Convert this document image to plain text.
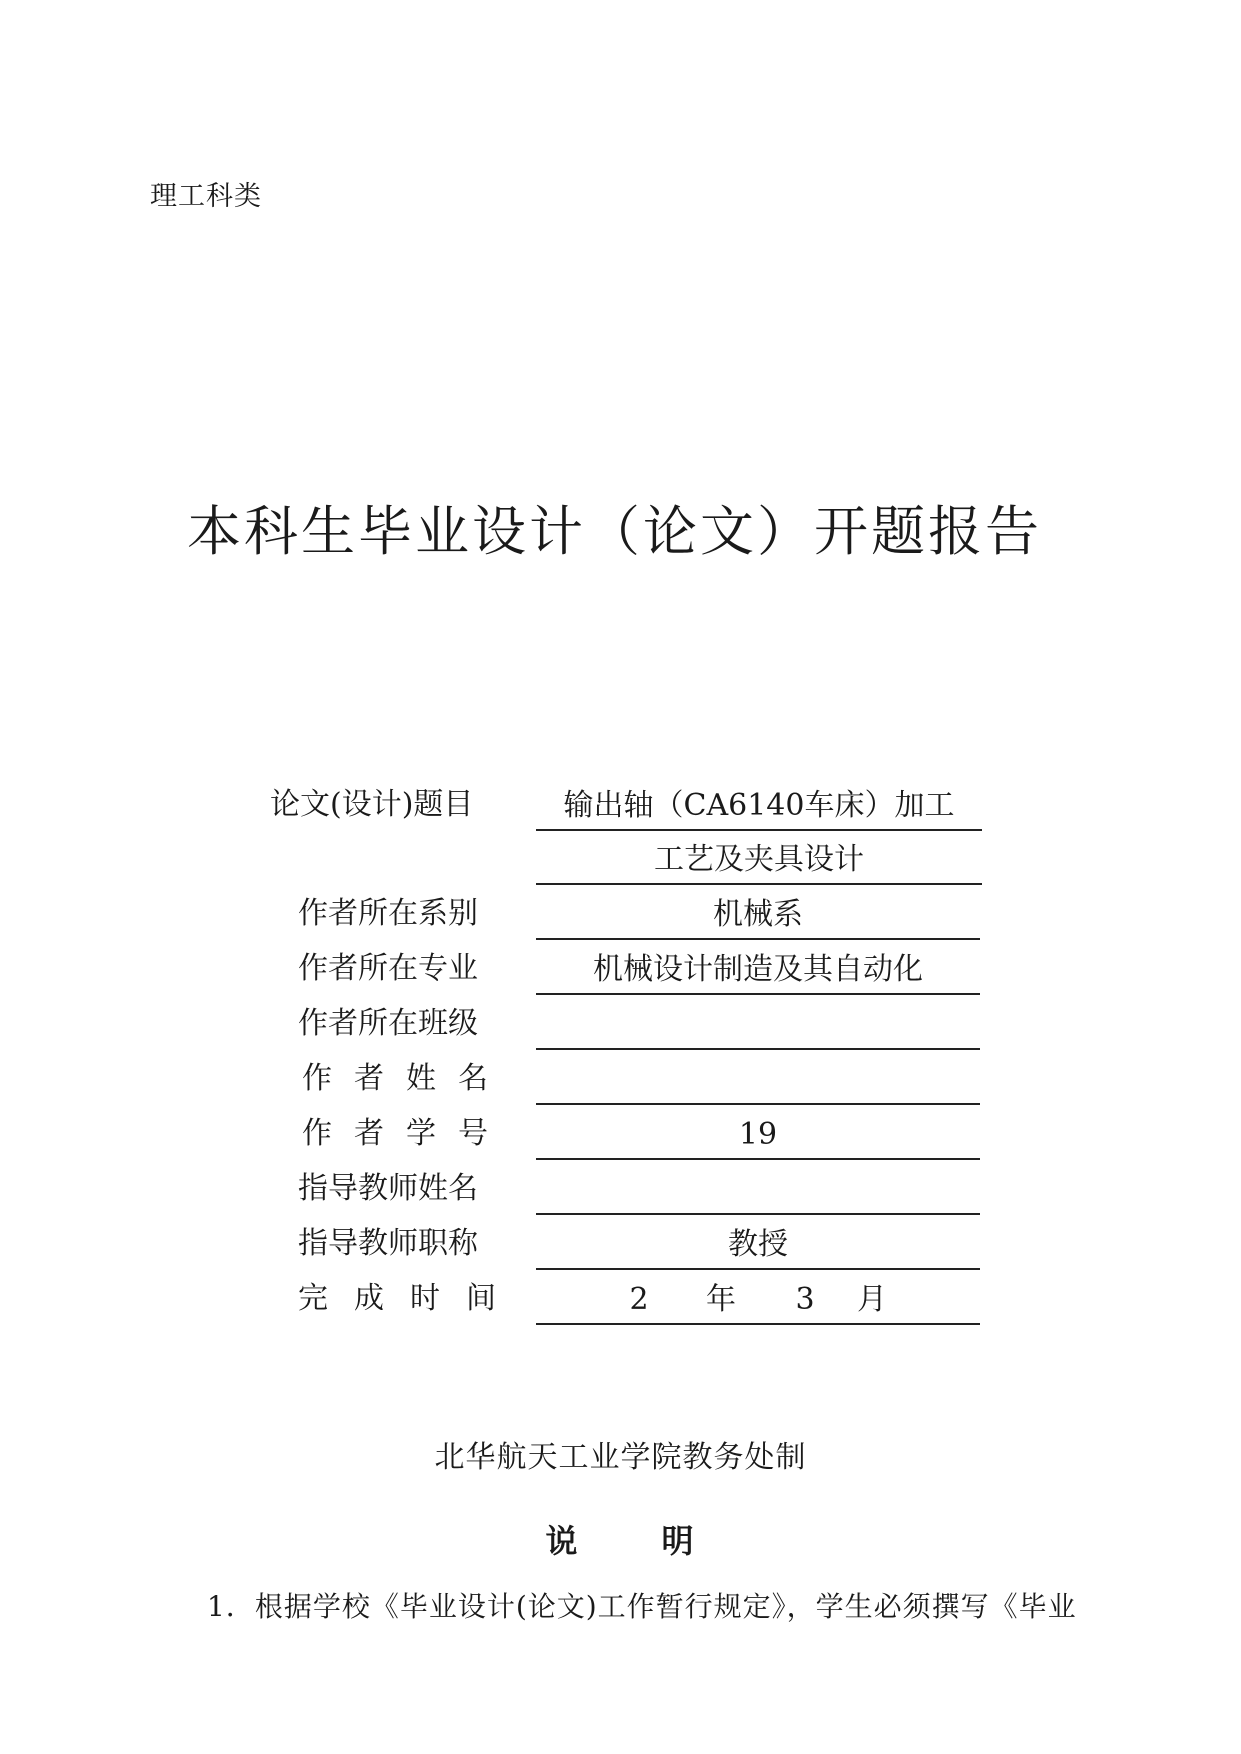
理工科类
本科生毕业设计（论文）开题报告
论文(设计)题目	输出轴（CA6140车床）加工
工艺及夹具设计
作者所在系别	机械系
作者所在专业	机械设计制造及其自动化
作者所在班级
作者姓名
作者学号	19
指导教师姓名
指导教师职称	教授
完成时间	2 年 3 月
北华航天工业学院教务处制
说	明
1．根据学校《毕业设计(论文)工作暂行规定》，学生必须撰写《毕业
